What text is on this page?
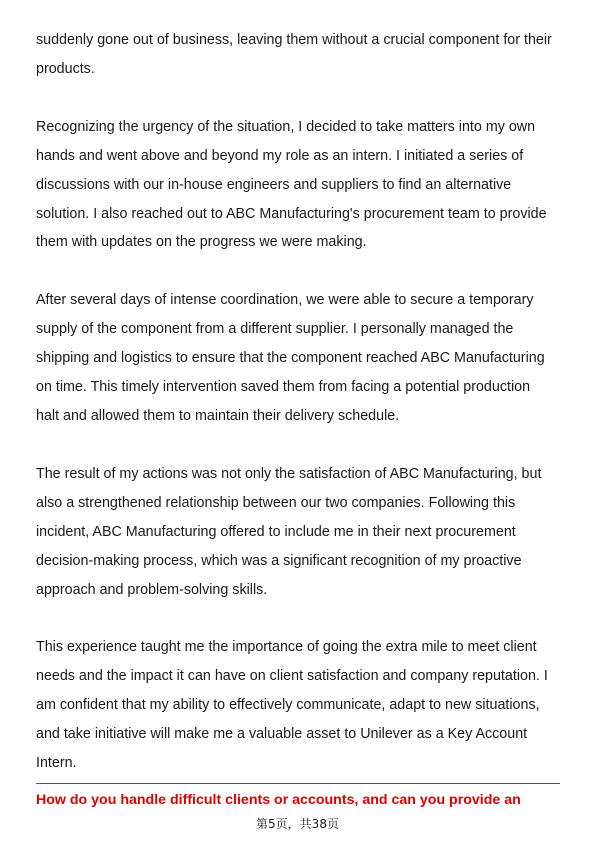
suddenly gone out of business, leaving them without a crucial component for their
products.

Recognizing the urgency of the situation, I decided to take matters into my own
hands and went above and beyond my role as an intern. I initiated a series of
discussions with our in-house engineers and suppliers to find an alternative
solution. I also reached out to ABC Manufacturing's procurement team to provide
them with updates on the progress we were making.

After several days of intense coordination, we were able to secure a temporary
supply of the component from a different supplier. I personally managed the
shipping and logistics to ensure that the component reached ABC Manufacturing
on time. This timely intervention saved them from facing a potential production
halt and allowed them to maintain their delivery schedule.

The result of my actions was not only the satisfaction of ABC Manufacturing, but
also a strengthened relationship between our two companies. Following this
incident, ABC Manufacturing offered to include me in their next procurement
decision-making process, which was a significant recognition of my proactive
approach and problem-solving skills.

This experience taught me the importance of going the extra mile to meet client
needs and the impact it can have on client satisfaction and company reputation. I
am confident that my ability to effectively communicate, adapt to new situations,
and take initiative will make me a valuable asset to Unilever as a Key Account
Intern.

How do you handle difficult clients or accounts, and can you provide an
第5页，共38页
